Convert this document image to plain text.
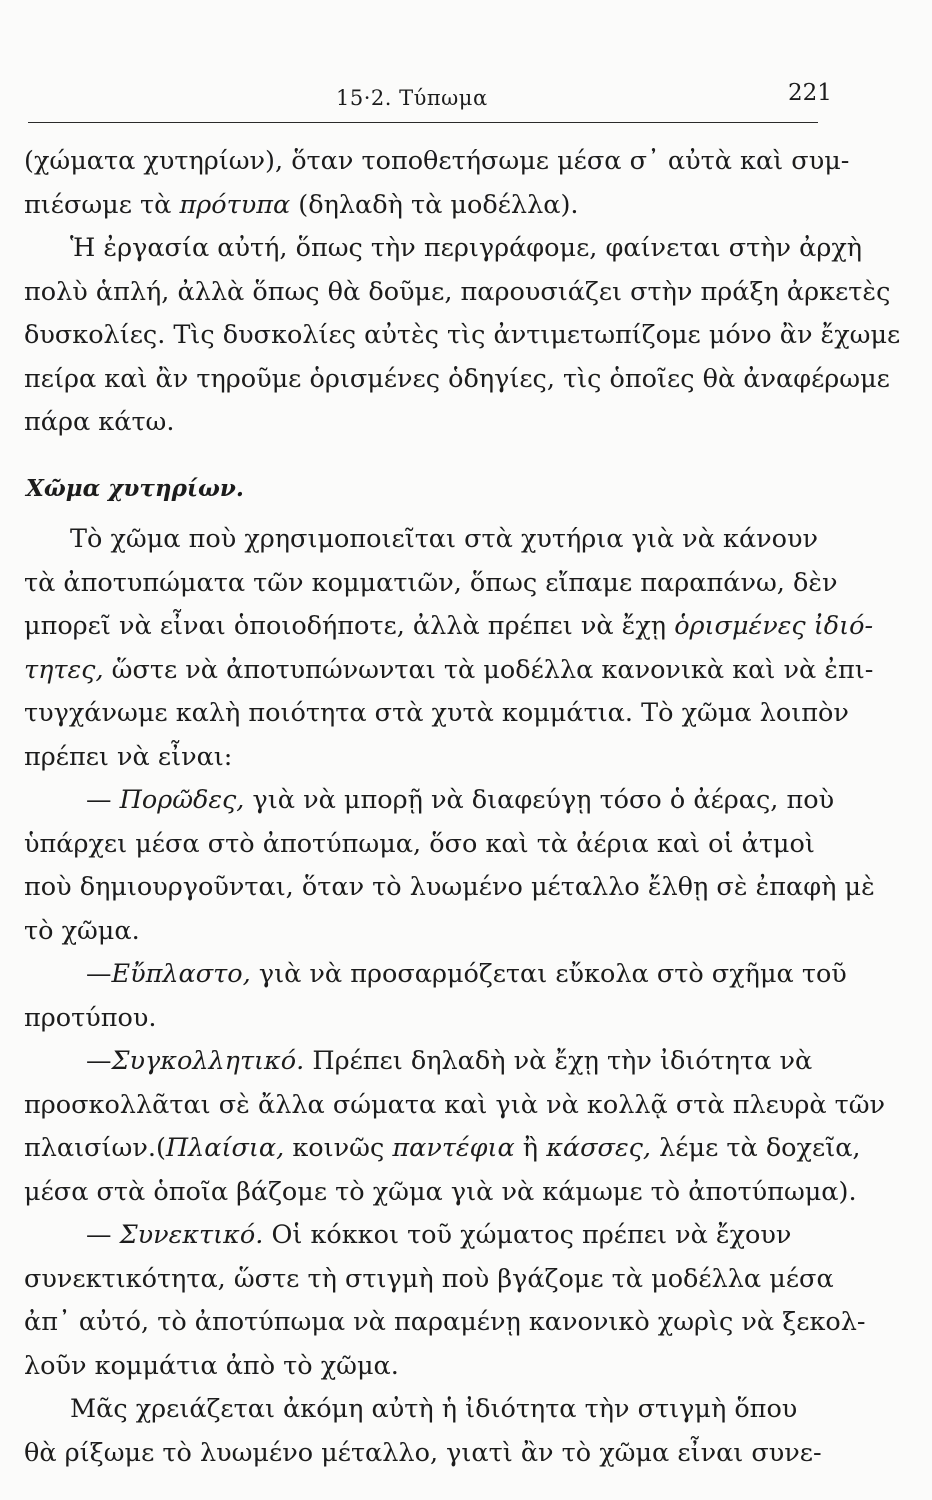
15·2. Τύπωμα	221
(χώματα χυτηρίων), ὅταν τοποθετήσωμε μέσα σ᾿ αὐτὰ καὶ συμ-
πιέσωμε τὰ πρότυπα (δηλαδὴ τὰ μοδέλλα).
Ἡ ἐργασία αὐτή, ὅπως τὴν περιγράφομε, φαίνεται στὴν ἀρχὴ
πολὺ ἁπλή, ἀλλὰ ὅπως θὰ δοῦμε, παρουσιάζει στὴν πράξη ἀρκετὲς
δυσκολίες. Τὶς δυσκολίες αὐτὲς τὶς ἀντιμετωπίζομε μόνο ἂν ἔχωμε
πείρα καὶ ἂν τηροῦμε ὁρισμένες ὁδηγίες, τὶς ὁποῖες θὰ ἀναφέρωμε
πάρα κάτω.
Χῶμα χυτηρίων.
Τὸ χῶμα ποὺ χρησιμοποιεῖται στὰ χυτήρια γιὰ νὰ κάνουν
τὰ ἀποτυπώματα τῶν κομματιῶν, ὅπως εἴπαμε παραπάνω, δὲν
μπορεῖ νὰ εἶναι ὁποιοδήποτε, ἀλλὰ πρέπει νὰ ἔχῃ ὁρισμένες ἰδιό-
τητες, ὥστε νὰ ἀποτυπώνωνται τὰ μοδέλλα κανονικὰ καὶ νὰ ἐπι-
τυγχάνωμε καλὴ ποιότητα στὰ χυτὰ κομμάτια. Τὸ χῶμα λοιπὸν
πρέπει νὰ εἶναι:
— Πορῶδες, γιὰ νὰ μπορῇ νὰ διαφεύγῃ τόσο ὁ ἀέρας, ποὺ
ὑπάρχει μέσα στὸ ἀποτύπωμα, ὅσο καὶ τὰ ἀέρια καὶ οἱ ἀτμοὶ
ποὺ δημιουργοῦνται, ὅταν τὸ λυωμένο μέταλλο ἔλθῃ σὲ ἐπαφὴ μὲ
τὸ χῶμα.
—Εὔπλαστο, γιὰ νὰ προσαρμόζεται εὔκολα στὸ σχῆμα τοῦ
προτύπου.
—Συγκολλητικό. Πρέπει δηλαδὴ νὰ ἔχῃ τὴν ἰδιότητα νὰ
προσκολλᾶται σὲ ἄλλα σώματα καὶ γιὰ νὰ κολλᾷ στὰ πλευρὰ τῶν
πλαισίων.(Πλαίσια, κοινῶς παντέφια ἢ κάσσες, λέμε τὰ δοχεῖα,
μέσα στὰ ὁποῖα βάζομε τὸ χῶμα γιὰ νὰ κάμωμε τὸ ἀποτύπωμα).
— Συνεκτικό. Οἱ κόκκοι τοῦ χώματος πρέπει νὰ ἔχουν
συνεκτικότητα, ὥστε τὴ στιγμὴ ποὺ βγάζομε τὰ μοδέλλα μέσα
ἀπ᾿ αὐτό, τὸ ἀποτύπωμα νὰ παραμένῃ κανονικὸ χωρὶς νὰ ξεκολ-
λοῦν κομμάτια ἀπὸ τὸ χῶμα.
Μᾶς χρειάζεται ἀκόμη αὐτὴ ἡ ἰδιότητα τὴν στιγμὴ ὅπου
θὰ ρίξωμε τὸ λυωμένο μέταλλο, γιατὶ ἂν τὸ χῶμα εἶναι συνε-
